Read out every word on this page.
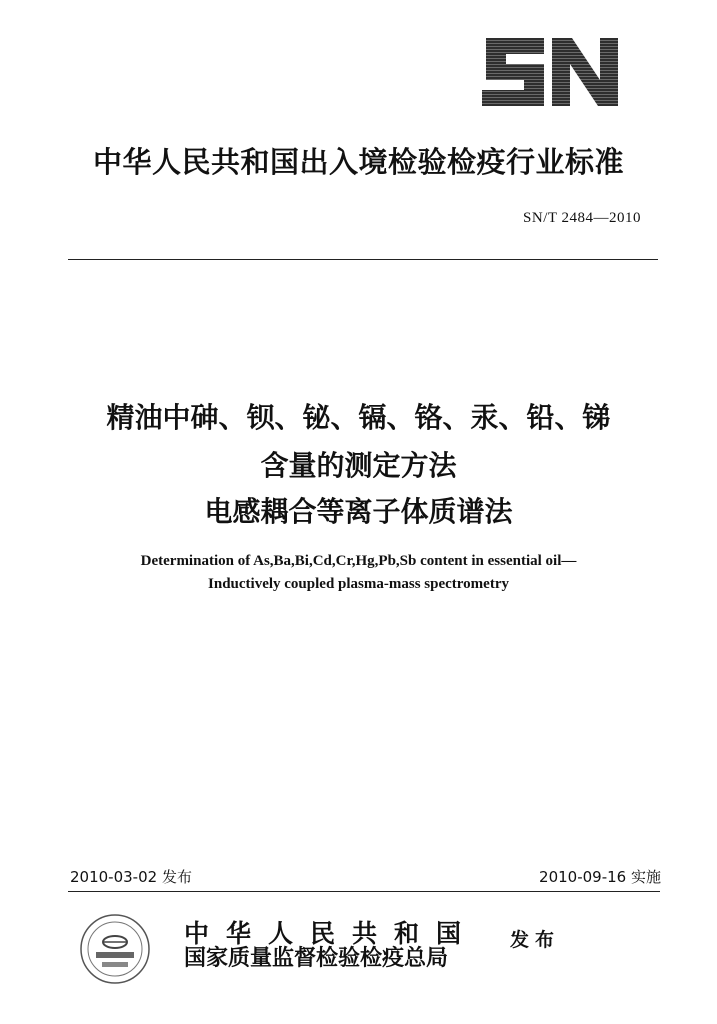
中华人民共和国出入境检验检疫行业标准
SN/T 2484—2010
精油中砷、钡、铋、镉、铬、汞、铅、锑
含量的测定方法
电感耦合等离子体质谱法
Determination of As,Ba,Bi,Cd,Cr,Hg,Pb,Sb content in essential oil—
Inductively coupled plasma-mass spectrometry
2010-03-02 发布	2010-09-16 实施
中华人民共和国
国家质量监督检验检疫总局
发布
